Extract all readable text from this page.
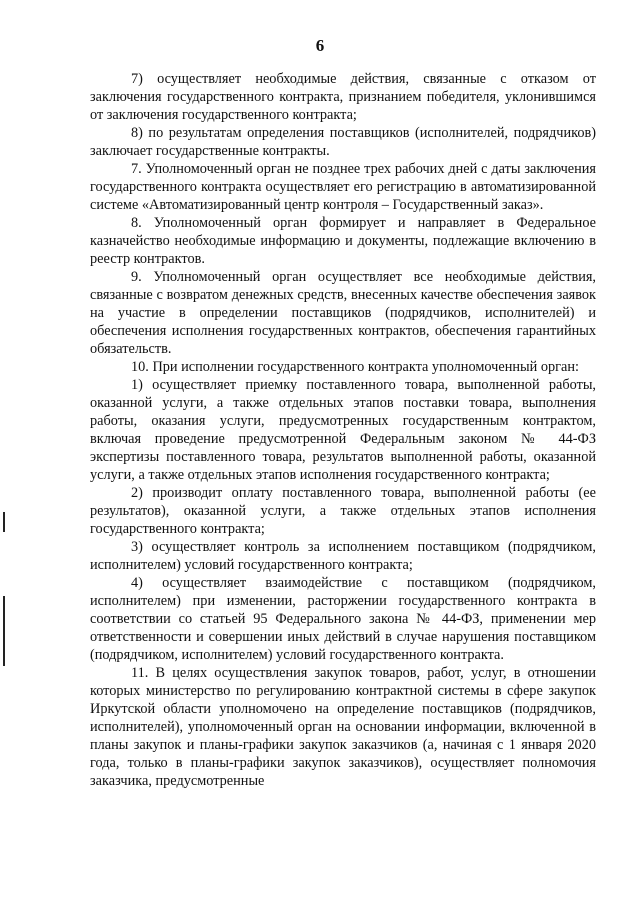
6

7) осуществляет необходимые действия, связанные с отказом от заключения государственного контракта, признанием победителя, уклонившимся от заключения государственного контракта;

8) по результатам определения поставщиков (исполнителей, подрядчиков) заключает государственные контракты.

7. Уполномоченный орган не позднее трех рабочих дней с даты заключения государственного контракта осуществляет его регистрацию в автоматизированной системе «Автоматизированный центр контроля – Государственный заказ».

8. Уполномоченный орган формирует и направляет в Федеральное казначейство необходимые информацию и документы, подлежащие включению в реестр контрактов.

9. Уполномоченный орган осуществляет все необходимые действия, связанные с возвратом денежных средств, внесенных качестве обеспечения заявок на участие в определении поставщиков (подрядчиков, исполнителей) и обеспечения исполнения государственных контрактов, обеспечения гарантийных обязательств.

10. При исполнении государственного контракта уполномоченный орган:

1) осуществляет приемку поставленного товара, выполненной работы, оказанной услуги, а также отдельных этапов поставки товара, выполнения работы, оказания услуги, предусмотренных государственным контрактом, включая проведение предусмотренной Федеральным законом № 44-ФЗ экспертизы поставленного товара, результатов выполненной работы, оказанной услуги, а также отдельных этапов исполнения государственного контракта;

2) производит оплату поставленного товара, выполненной работы (ее результатов), оказанной услуги, а также отдельных этапов исполнения государственного контракта;

3) осуществляет контроль за исполнением поставщиком (подрядчиком, исполнителем) условий государственного контракта;

4) осуществляет взаимодействие с поставщиком (подрядчиком, исполнителем) при изменении, расторжении государственного контракта в соответствии со статьей 95 Федерального закона № 44-ФЗ, применении мер ответственности и совершении иных действий в случае нарушения поставщиком (подрядчиком, исполнителем) условий государственного контракта.

11. В целях осуществления закупок товаров, работ, услуг, в отношении которых министерство по регулированию контрактной системы в сфере закупок Иркутской области уполномочено на определение поставщиков (подрядчиков, исполнителей), уполномоченный орган на основании информации, включенной в планы закупок и планы-графики закупок заказчиков (а, начиная с 1 января 2020 года, только в планы-графики закупок заказчиков), осуществляет полномочия заказчика, предусмотренные
